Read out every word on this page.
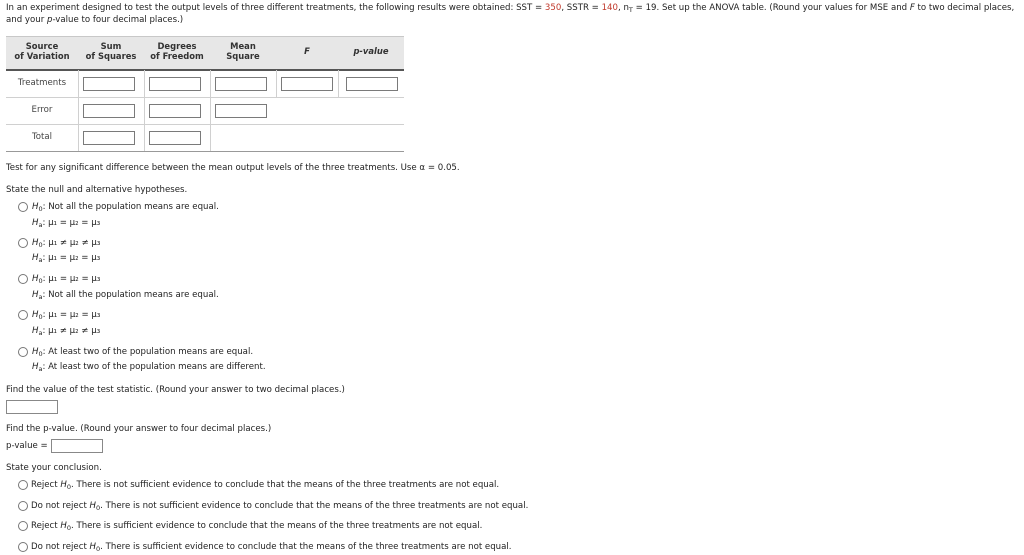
In an experiment designed to test the output levels of three different treatments, the following results were obtained: SST = 350, SSTR = 140, $n_T = 19$. Set up the ANOVA table. (Round your values for MSE and F to two decimal places,
and your p-value to four decimal places.)
Source
of Variation
Sum
of Squares
Degrees
of Freedom
Mean
Square	F	p-value
Treatments
Error
Total
Test for any significant difference between the mean output levels of the three treatments. Use α = 0.05.
State the null and alternative hypotheses.
$H_0$: Not all the population means are equal.
$H_a$: μ₁ = μ₂ = μ₃
$H_0$: μ₁ ≠ μ₂ ≠ μ₃
$H_a$: μ₁ = μ₂ = μ₃
$H_0$: μ₁ = μ₂ = μ₃
$H_a$: Not all the population means are equal.
$H_0$: μ₁ = μ₂ = μ₃
$H_a$: μ₁ ≠ μ₂ ≠ μ₃
$H_0$: At least two of the population means are equal.
$H_a$: At least two of the population means are different.
Find the value of the test statistic. (Round your answer to two decimal places.)
Find the p-value. (Round your answer to four decimal places.)
p-value =
State your conclusion.
Reject $H_0$. There is not sufficient evidence to conclude that the means of the three treatments are not equal.
Do not reject $H_0$. There is not sufficient evidence to conclude that the means of the three treatments are not equal.
Reject $H_0$. There is sufficient evidence to conclude that the means of the three treatments are not equal.
Do not reject $H_0$. There is sufficient evidence to conclude that the means of the three treatments are not equal.
